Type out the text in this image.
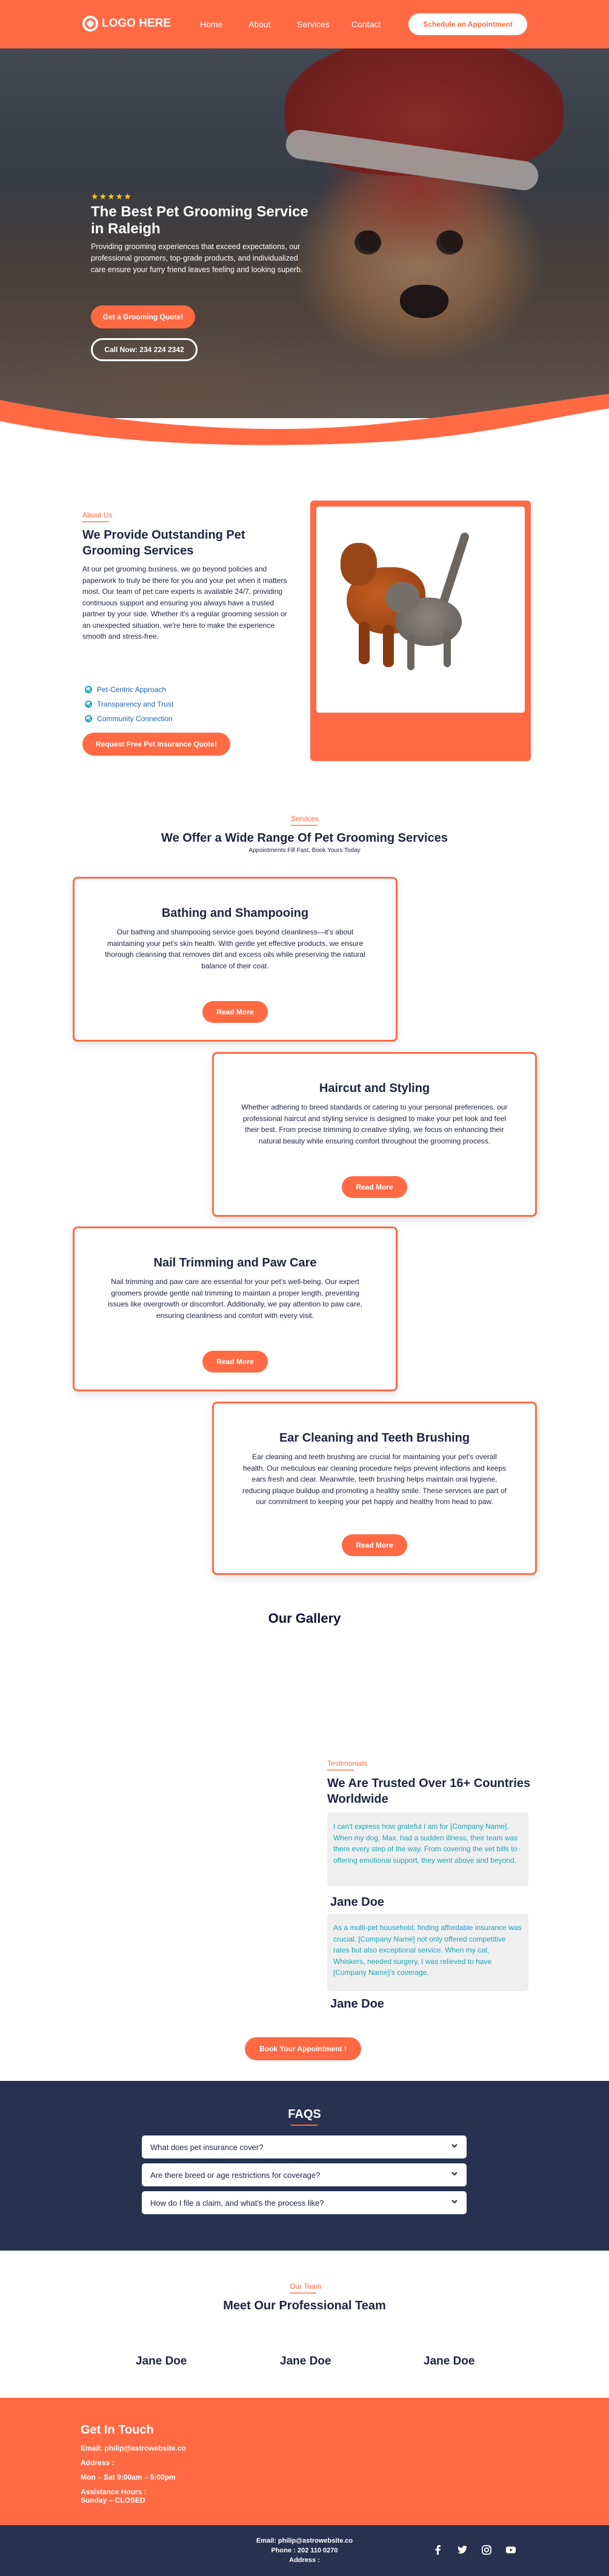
LOGO HERE	Home	About	Services	Contact	Schedule an Appointment
★★★★★
The Best Pet Grooming Service in Raleigh

Providing grooming experiences that exceed expectations, our professional groomers, top-grade products, and individualized care ensure your furry friend leaves feeling and looking superb.

Get a Grooming Quote!
Call Now: 234 224 2342
About Us
We Provide Outstanding Pet Grooming Services

At our pet grooming business, we go beyond policies and paperwork to truly be there for you and your pet when it matters most. Our team of pet care experts is available 24/7, providing continuous support and ensuring you always have a trusted partner by your side. Whether it's a regular grooming session or an unexpected situation, we're here to make the experience smooth and stress-free.

Pet-Centric Approach
Transparency and Trust
Community Connection
Request Free Pet Insurance Quote!
Services
We Offer a Wide Range Of Pet Grooming Services
Appointments Fill Fast, Book Yours Today
Bathing and Shampooing

Our bathing and shampooing service goes beyond cleanliness—it's about maintaining your pet's skin health. With gentle yet effective products, we ensure thorough cleansing that removes dirt and excess oils while preserving the natural balance of their coat.

Read More
Haircut and Styling

Whether adhering to breed standards or catering to your personal preferences, our professional haircut and styling service is designed to make your pet look and feel their best. From precise trimming to creative styling, we focus on enhancing their natural beauty while ensuring comfort throughout the grooming process.

Read More
Nail Trimming and Paw Care

Nail trimming and paw care are essential for your pet's well-being. Our expert groomers provide gentle nail trimming to maintain a proper length, preventing issues like overgrowth or discomfort. Additionally, we pay attention to paw care, ensuring cleanliness and comfort with every visit.

Read More
Ear Cleaning and Teeth Brushing

Ear cleaning and teeth brushing are crucial for maintaining your pet's overall health. Our meticulous ear cleaning procedure helps prevent infections and keeps ears fresh and clear. Meanwhile, teeth brushing helps maintain oral hygiene, reducing plaque buildup and promoting a healthy smile. These services are part of our commitment to keeping your pet happy and healthy from head to paw.

Read More
Our Gallery
Testimonials
We Are Trusted Over 16+ Countries Worldwide
I can't express how grateful I am for [Company Name]. When my dog, Max, had a sudden illness, their team was there every step of the way. From covering the vet bills to offering emotional support, they went above and beyond.
Jane Doe
As a multi-pet household, finding affordable insurance was crucial. [Company Name] not only offered competitive rates but also exceptional service. When my cat, Whiskers, needed surgery, I was relieved to have [Company Name]'s coverage.
Jane Doe
Book Your Appointment !
FAQS
What does pet insurance cover?
Are there breed or age restrictions for coverage?
How do I file a claim, and what's the process like?
Our Team
Meet Our Professional Team
Jane Doe	Jane Doe	Jane Doe
Get In Touch
Email: philip@astrowebsite.co
Address :
Mon – Sat 9:00am – 5:00pm
Assistance Hours :
Sunday – CLOSED
Email: philip@astrowebsite.co
Phone : 202 110 0270
Address :
